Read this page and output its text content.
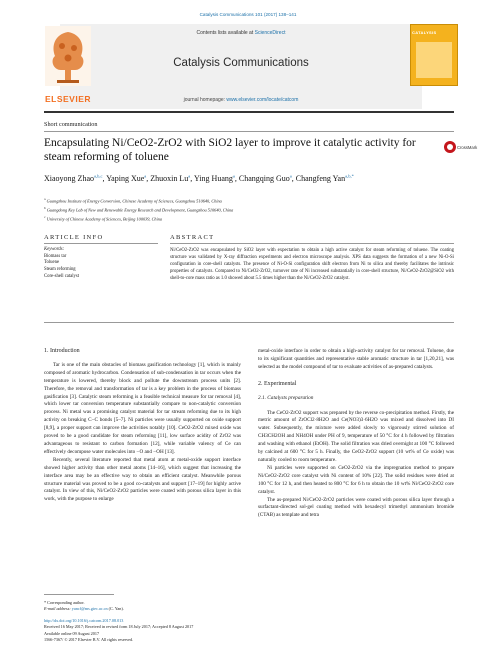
Catalysis Communications 101 (2017) 138–141
ELSEVIER
Contents lists available at ScienceDirect
Catalysis Communications
journal homepage: www.elsevier.com/locate/catcom
CATALYSIS
Short communication
Encapsulating Ni/CeO2-ZrO2 with SiO2 layer to improve it catalytic activity for steam reforming of toluene
CrossMark
Xiaoyong Zhao$^{a,b,c}$, Yaping Xue$^a$, Zhuoxin Lu$^a$, Ying Huang$^a$, Changqing Guo$^a$, Changfeng Yan$^{a,b,*}$
$^a$ Guangzhou Institute of Energy Conversion, Chinese Academy of Sciences, Guangzhou 510640, China
$^b$ Guangdong Key Lab of New and Renewable Energy Research and Development, Guangzhou 510640, China
$^c$ University of Chinese Academy of Sciences, Beijing 100039, China
ARTICLE INFO	ABSTRACT
Keywords:
Biomass tar
Toluene
Steam reforming
Core-shell catalyst
Ni/CeO2-ZrO2 was encapsulated by SiO2 layer with expectation to obtain a high active catalyst for steam reforming of toluene. The coating structure was validated by X-ray diffraction experiments and electron microscope analysis. XPS data suggests the formation of a new Ni-O-Si configuration in core-shell catalysts. The presence of Ni-O-Si configuration shift electron from Ni to silica and thereby facilitates the intrinsic properties of catalysts. Compared to Ni/CeO2-ZrO2, turnover rate of Ni increased substantially in core-shell structure, Ni/CeO2-ZrO2@SiO2 with shell-to-core mass ratio as 1.0 showed about 5.5 times higher than the Ni/CeO2-ZrO2 catalyst.
1. Introduction

Tar is one of the main obstacles of biomass gasification technology [1], which is mainly composed of aromatic hydrocarbon. Condensation of sub-condensation in tar occurs when the temperature is lowered, thereby block and pollute the downstream process units [2]. Therefore, the removal and transformation of tar is a key problem in the process of biomass gasification [3]. Catalytic steam reforming is a feasible technical measure for tar removal [4], which lower tar conversion temperature substantially compare to non-catalytic conversion process. Ni metal was a promising catalyst material for tar stream reforming due to its high activity on breaking C−C bonds [5–7]. Ni particles were usually supported on oxide support [8,9], a proper support can improve the activities notably [10]. CeO2-ZrO2 mixed oxide was proved to be a good candidate for steam reforming [11], low surface acidity of ZrO2 was advantageous to resistant to carbon formation [12], while variable valency of Ce can effectively decompose water molecules into −O and −OH [13].

Recently, several literature reported that metal atom at metal-oxide support interface showed higher activity than other metal atoms [14–16], which suggest that increasing the interface area may be an effective way to obtain an efficient catalyst. Meanwhile porous structure material was proved to be a good co-catalysts and support [17–19] for highly active catalyst. In view of this, Ni/CeO2-ZrO2 particles were coated with porous silica layer in this work, with the purpose to enlarge

metal-oxide interface in order to obtain a high-activity catalyst for tar removal. Toluene, due to its significant quantities and representative stable aromatic structure in tar [1,20,21], was selected as the model compound of tar to evaluate activities of as-prepared catalysts.

2. Experimental
2.1. Catalysts preparation

The CeO2-ZrO2 support was prepared by the reverse co-precipitation method. Firstly, the metric amount of ZrOCl2·8H2O and Ce(NO3)3·6H2O was mixed and dissolved into DI water. Subsequently, the mixture were added slowly to vigorously stirred solution of CH3CH2OH and NH4OH under PH of 9, temperature of 50 °C for 4 h followed by filtration and washing with ethanol (EtOH). The solid filtration was dried overnight at 100 °C followed by calcined at 600 °C for 5 h. Finally, the CeO2-ZrO2 support (10 wt% of Ce oxide) was naturally cooled to room temperature.

Ni particles were supported on CeO2-ZrO2 via the impregnation method to prepare Ni/CeO2-ZrO2 core catalyst with Ni content of 10% [22]. The solid residues were dried at 100 °C for 12 h, and then heated to 800 °C for 6 h to obtain the 10 wt% Ni/CeO2-ZrO2 core catalyst.

The as-prepared Ni/CeO2-ZrO2 particles were coated with porous silica layer through a surfactant-directed sol-gel coating method with hexadecyl trimethyl ammonium bromide (CTAB) as template and tetra

* Corresponding author.
E-mail address: yancf@ms.giec.ac.cn (C. Yan).
http://dx.doi.org/10.1016/j.catcom.2017.08.013
Received 16 May 2017; Received in revised form 18 July 2017; Accepted 8 August 2017
Available online 09 August 2017
1566-7367/ © 2017 Elsevier B.V. All rights reserved.
